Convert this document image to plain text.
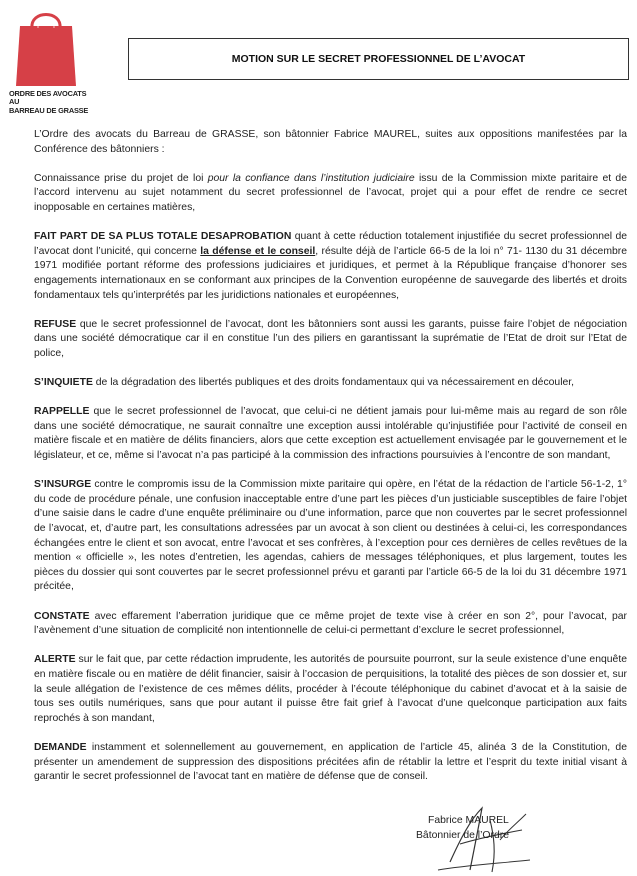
ORDRE DES AVOCATS AU
BARREAU DE GRASSE
MOTION SUR LE SECRET PROFESSIONNEL DE L’AVOCAT

L’Ordre des avocats du Barreau de GRASSE, son bâtonnier Fabrice MAUREL, suites aux oppositions manifestées par la Conférence des bâtonniers :

Connaissance prise du projet de loi pour la confiance dans l’institution judiciaire issu de la Commission mixte paritaire et de l’accord intervenu au sujet notamment du secret professionnel de l’avocat, projet qui a pour effet de rendre ce secret inopposable en certaines matières,

FAIT PART DE SA PLUS TOTALE DESAPROBATION quant à cette réduction totalement injustifiée du secret professionnel de l’avocat dont l’unicité, qui concerne la défense et le conseil, résulte déjà de l’article 66-5 de la loi n° 71- 1130 du 31 décembre 1971 modifiée portant réforme des professions judiciaires et juridiques, et permet à la République française d’honorer ses engagements internationaux en se conformant aux principes de la Convention européenne de sauvegarde des libertés et droits fondamentaux tels qu’interprétés par les juridictions nationales et européennes,

REFUSE que le secret professionnel de l’avocat, dont les bâtonniers sont aussi les garants, puisse faire l’objet de négociation dans une société démocratique car il en constitue l’un des piliers en garantissant la suprématie de l’Etat de droit sur l’Etat de police,

S’INQUIETE de la dégradation des libertés publiques et des droits fondamentaux qui va nécessairement en découler,

RAPPELLE que le secret professionnel de l’avocat, que celui-ci ne détient jamais pour lui-même mais au regard de son rôle dans une société démocratique, ne saurait connaître une exception aussi intolérable qu’injustifiée pour l’activité de conseil en matière fiscale et en matière de délits financiers, alors que cette exception est actuellement envisagée par le gouvernement et le législateur, et ce, même si l’avocat n’a pas participé à la commission des infractions poursuivies à l’encontre de son mandant,

S’INSURGE contre le compromis issu de la Commission mixte paritaire qui opère, en l’état de la rédaction de l’article 56-1-2, 1° du code de procédure pénale, une confusion inacceptable entre d’une part les pièces d’un justiciable susceptibles de faire l’objet d’une saisie dans le cadre d’une enquête préliminaire ou d’une information, parce que non couvertes par le secret professionnel de l’avocat, et, d’autre part, les consultations adressées par un avocat à son client ou destinées à celui-ci, les correspondances échangées entre le client et son avocat, entre l’avocat et ses confrères, à l’exception pour ces dernières de celles revêtues de la mention « officielle », les notes d’entretien, les agendas, cahiers de messages téléphoniques, et plus largement, toutes les pièces du dossier qui sont couvertes par le secret professionnel prévu et garanti par l’article 66-5 de la loi du 31 décembre 1971 précitée,

CONSTATE avec effarement l’aberration juridique que ce même projet de texte vise à créer en son 2°, pour l’avocat, par l’avènement d’une situation de complicité non intentionnelle de celui-ci permettant d’exclure le secret professionnel,

ALERTE sur le fait que, par cette rédaction imprudente, les autorités de poursuite pourront, sur la seule existence d’une enquête en matière fiscale ou en matière de délit financier, saisir à l’occasion de perquisitions, la totalité des pièces de son dossier et, sur la seule allégation de l’existence de ces mêmes délits, procéder à l’écoute téléphonique du cabinet d’avocat et à la saisie de tous ses outils numériques, sans que pour autant il puisse être fait grief à l’avocat d’une quelconque participation aux faits reprochés à son mandant,

DEMANDE instamment et solennellement au gouvernement, en application de l’article 45, alinéa 3 de la Constitution, de présenter un amendement de suppression des dispositions précitées afin de rétablir la lettre et l’esprit du texte initial visant à garantir le secret professionnel de l’avocat tant en matière de défense que de conseil.

Fabrice MAUREL
Bâtonnier de l’Ordre
